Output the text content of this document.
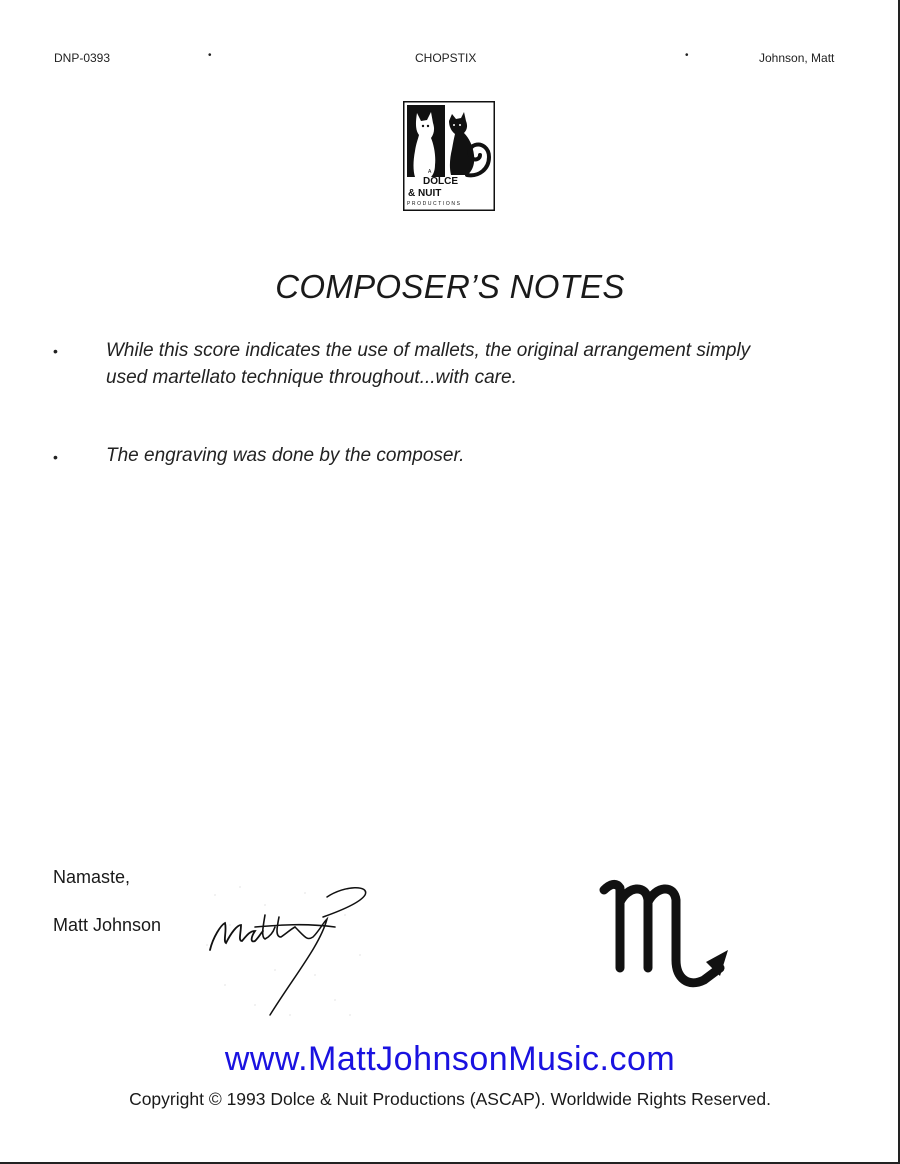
DNP-0393	•	CHOPSTIX	•	Johnson, Matt
A
DOLCE
& NUIT
PRODUCTIONS
COMPOSER’S NOTES
•	While this score indicates the use of mallets, the original arrangement simply
used martellato technique throughout...with care.
•	The engraving was done by the composer.
Namaste,
Matt Johnson
www.MattJohnsonMusic.com
Copyright © 1993 Dolce & Nuit Productions (ASCAP). Worldwide Rights Reserved.
